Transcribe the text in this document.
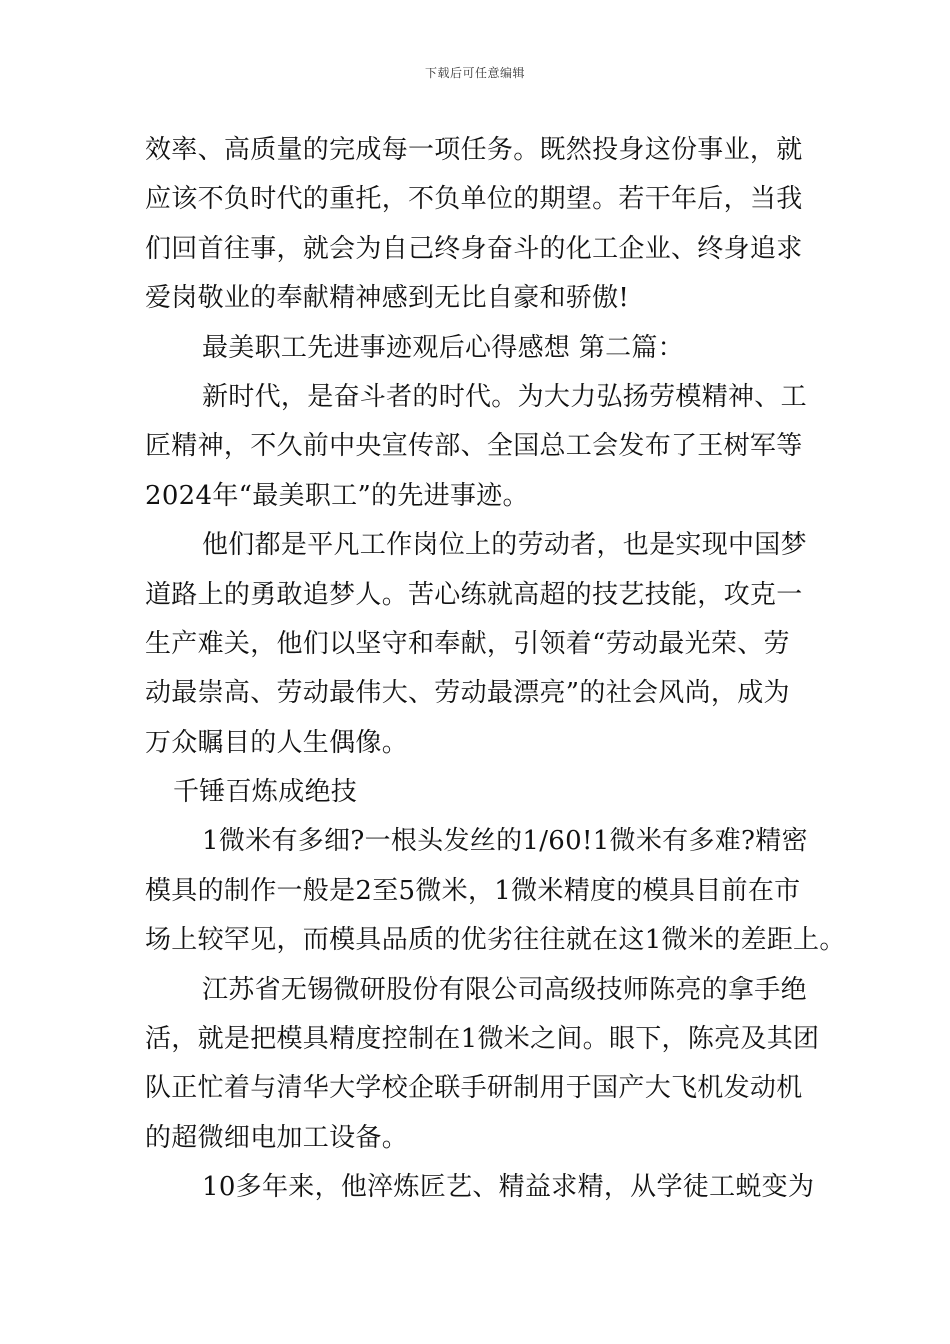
下载后可任意编辑
效率、高质量的完成每一项任务。既然投身这份事业，就
应该不负时代的重托，不负单位的期望。若干年后，当我
们回首往事，就会为自己终身奋斗的化工企业、终身追求
爱岗敬业的奉献精神感到无比自豪和骄傲!
最美职工先进事迹观后心得感想 第二篇：
新时代，是奋斗者的时代。为大力弘扬劳模精神、工
匠精神，不久前中央宣传部、全国总工会发布了王树军等
2024年“最美职工”的先进事迹。
他们都是平凡工作岗位上的劳动者，也是实现中国梦
道路上的勇敢追梦人。苦心练就高超的技艺技能，攻克一
生产难关，他们以坚守和奉献，引领着“劳动最光荣、劳
动最崇高、劳动最伟大、劳动最漂亮”的社会风尚，成为
万众瞩目的人生偶像。
千锤百炼成绝技
1微米有多细?一根头发丝的1/60!1微米有多难?精密
模具的制作一般是2至5微米，1微米精度的模具目前在市
场上较罕见，而模具品质的优劣往往就在这1微米的差距上。
江苏省无锡微研股份有限公司高级技师陈亮的拿手绝
活，就是把模具精度控制在1微米之间。眼下，陈亮及其团
队正忙着与清华大学校企联手研制用于国产大飞机发动机
的超微细电加工设备。
10多年来，他淬炼匠艺、精益求精，从学徒工蜕变为
